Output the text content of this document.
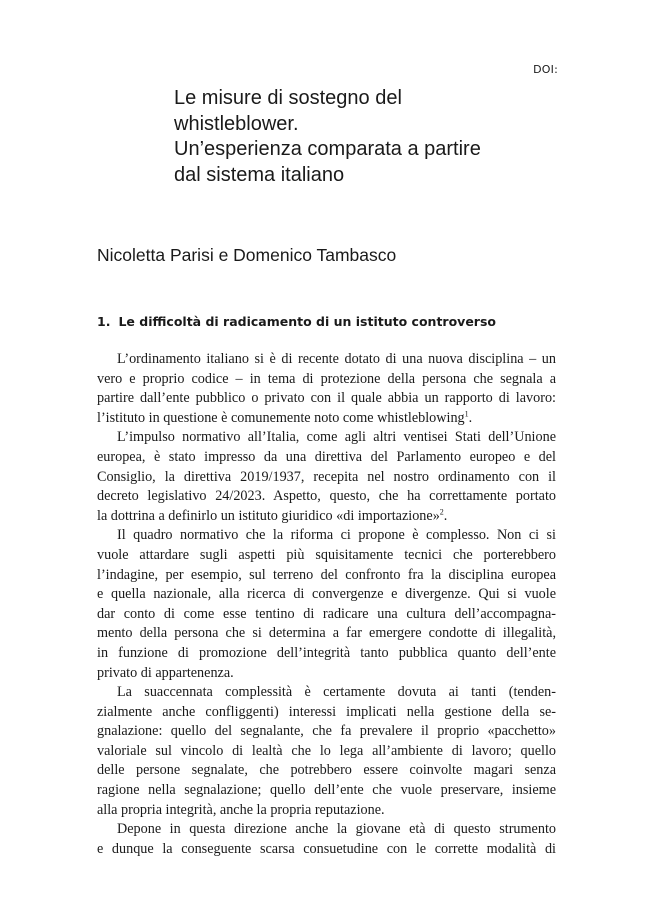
DOI:
Le misure di sostegno del
whistleblower.
Un’esperienza comparata a partire
dal sistema italiano
Nicoletta Parisi e Domenico Tambasco
1. Le difficoltà di radicamento di un istituto controverso
L’ordinamento italiano si è di recente dotato di una nuova disciplina – un
vero e proprio codice – in tema di protezione della persona che segnala a
partire dall’ente pubblico o privato con il quale abbia un rapporto di lavoro:
l’istituto in questione è comunemente noto come whistleblowing$^1$.
L’impulso normativo all’Italia, come agli altri ventisei Stati dell’Unione
europea, è stato impresso da una direttiva del Parlamento europeo e del
Consiglio, la direttiva 2019/1937, recepita nel nostro ordinamento con il
decreto legislativo 24/2023. Aspetto, questo, che ha correttamente portato
la dottrina a definirlo un istituto giuridico «di importazione»$^2$.
Il quadro normativo che la riforma ci propone è complesso. Non ci si
vuole attardare sugli aspetti più squisitamente tecnici che porterebbero
l’indagine, per esempio, sul terreno del confronto fra la disciplina europea
e quella nazionale, alla ricerca di convergenze e divergenze. Qui si vuole
dar conto di come esse tentino di radicare una cultura dell’accompagna-
mento della persona che si determina a far emergere condotte di illegalità,
in funzione di promozione dell’integrità tanto pubblica quanto dell’ente
privato di appartenenza.
La suaccennata complessità è certamente dovuta ai tanti (tenden-
zialmente anche confliggenti) interessi implicati nella gestione della se-
gnalazione: quello del segnalante, che fa prevalere il proprio «pacchetto»
valoriale sul vincolo di lealtà che lo lega all’ambiente di lavoro; quello
delle persone segnalate, che potrebbero essere coinvolte magari senza
ragione nella segnalazione; quello dell’ente che vuole preservare, insieme
alla propria integrità, anche la propria reputazione.
Depone in questa direzione anche la giovane età di questo strumento
e dunque la conseguente scarsa consuetudine con le corrette modalità di
